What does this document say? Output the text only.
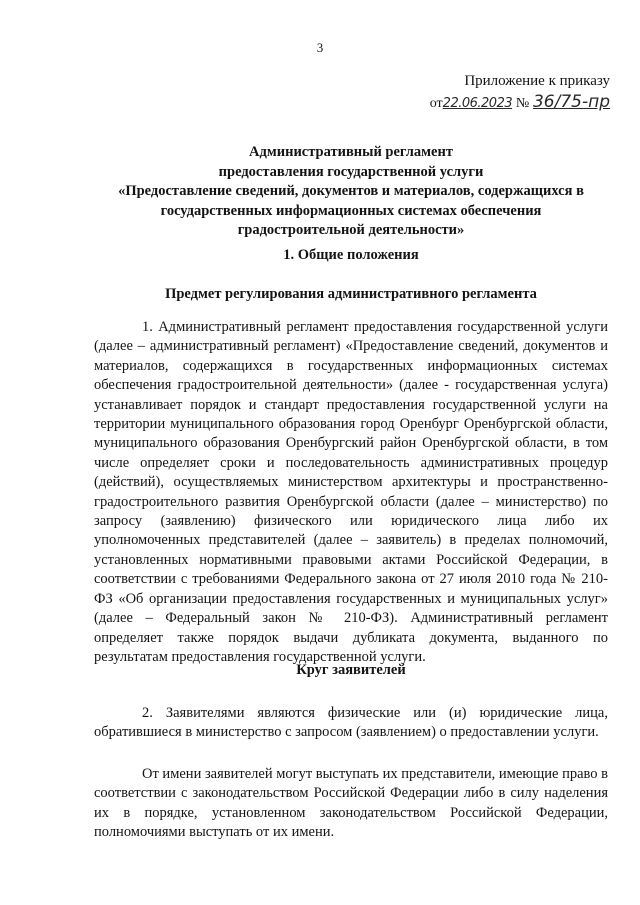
3
Приложение к приказу
от22.06.2023 № 36/75-пр
Административный регламент
предоставления государственной услуги
«Предоставление сведений, документов и материалов, содержащихся в
государственных информационных системах обеспечения
градостроительной деятельности»
1. Общие положения
Предмет регулирования административного регламента
1. Административный регламент предоставления государственной услуги (далее – административный регламент) «Предоставление сведений, документов и материалов, содержащихся в государственных информационных системах обеспечения градостроительной деятельности» (далее - государственная услуга) устанавливает порядок и стандарт предоставления государственной услуги на территории муниципального образования город Оренбург Оренбургской области, муниципального образования Оренбургский район Оренбургской области, в том числе определяет сроки и последовательность административных процедур (действий), осуществляемых министерством архитектуры и пространственно-градостроительного развития Оренбургской области (далее – министерство) по запросу (заявлению) физического или юридического лица либо их уполномоченных представителей (далее – заявитель) в пределах полномочий, установленных нормативными правовыми актами Российской Федерации, в соответствии с требованиями Федерального закона от 27 июля 2010 года № 210-ФЗ «Об организации предоставления государственных и муниципальных услуг» (далее – Федеральный закон № 210-ФЗ). Административный регламент определяет также порядок выдачи дубликата документа, выданного по результатам предоставления государственной услуги.
Круг заявителей
2. Заявителями являются физические или (и) юридические лица, обратившиеся в министерство с запросом (заявлением) о предоставлении услуги.
От имени заявителей могут выступать их представители, имеющие право в соответствии с законодательством Российской Федерации либо в силу наделения их в порядке, установленном законодательством Российской Федерации, полномочиями выступать от их имени.
